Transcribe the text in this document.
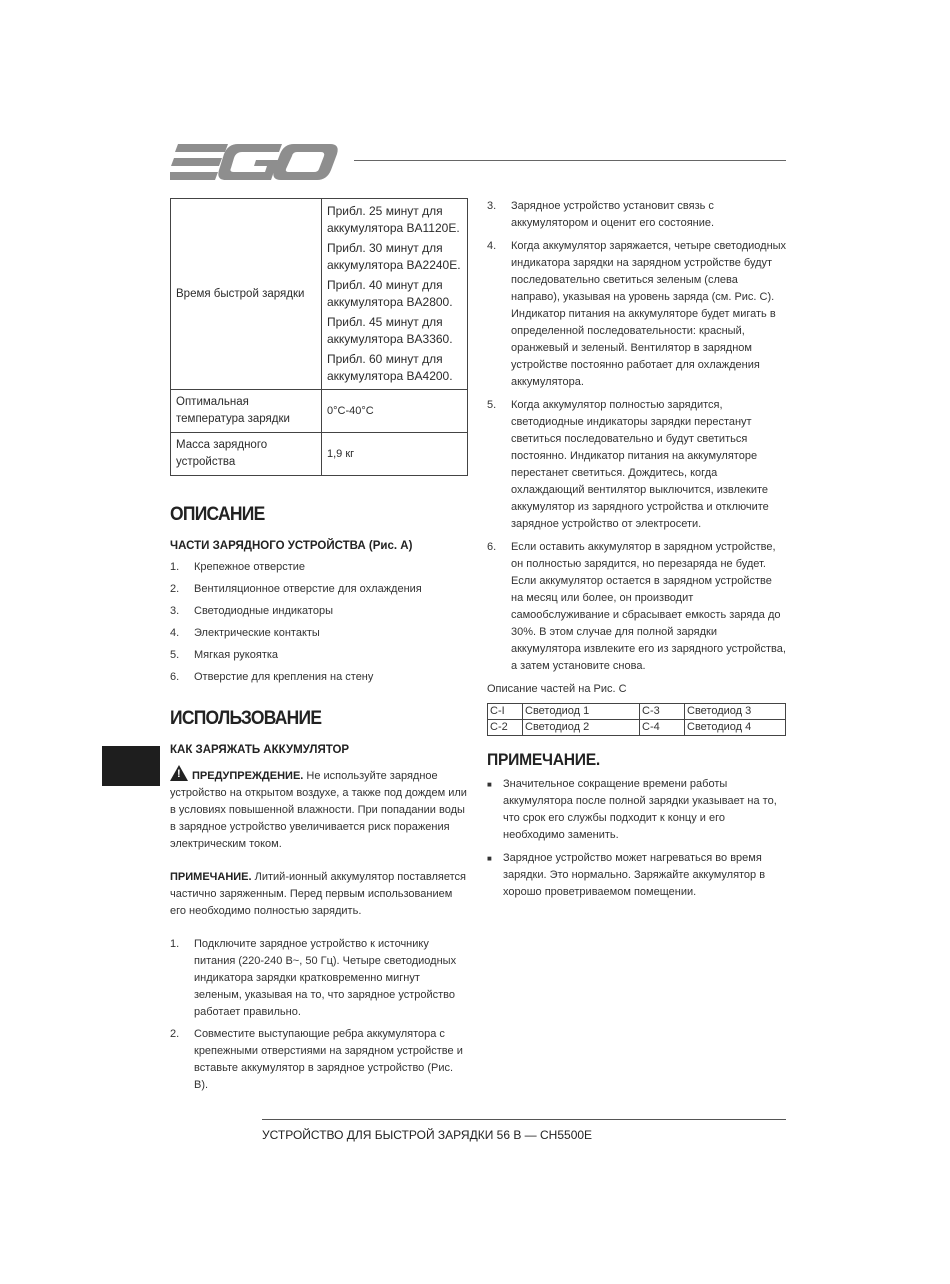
Время быстрой зарядки	Прибл. 25 минут для аккумулятора BA1120E.

Прибл. 30 минут для аккумулятора BA2240E.

Прибл. 40 минут для аккумулятора BA2800.

Прибл. 45 минут для аккумулятора BA3360.

Прибл. 60 минут для аккумулятора BA4200.

Оптимальная температура зарядки	0°C-40°C
Масса зарядного устройства	1,9 кг
ОПИСАНИЕ
ЧАСТИ ЗАРЯДНОГО УСТРОЙСТВА (Рис. А)
1.	Крепежное отверстие
2.	Вентиляционное отверстие для охлаждения
3.	Светодиодные индикаторы
4.	Электрические контакты
5.	Мягкая рукоятка
6.	Отверстие для крепления на стену
ИСПОЛЬЗОВАНИЕ
КАК ЗАРЯЖАТЬ АККУМУЛЯТОР

! ПРЕДУПРЕЖДЕНИЕ. Не используйте зарядное устройство на открытом воздухе, а также под дождем или в условиях повышенной влажности. При попадании воды в зарядное устройство увеличивается риск поражения электрическим током.

ПРИМЕЧАНИЕ. Литий-ионный аккумулятор поставляется частично заряженным. Перед первым использованием его необходимо полностью зарядить.

1.	Подключите зарядное устройство к источнику питания (220-240 В~, 50 Гц). Четыре светодиодных индикатора зарядки кратковременно мигнут зеленым, указывая на то, что зарядное устройство работает правильно.
2.	Совместите выступающие ребра аккумулятора с крепежными отверстиями на зарядном устройстве и вставьте аккумулятор в зарядное устройство (Рис. В).
3.	Зарядное устройство установит связь с аккумулятором и оценит его состояние.
4.	Когда аккумулятор заряжается, четыре светодиодных индикатора зарядки на зарядном устройстве будут последовательно светиться зеленым (слева направо), указывая на уровень заряда (см. Рис. С). Индикатор питания на аккумуляторе будет мигать в определенной последовательности: красный, оранжевый и зеленый. Вентилятор в зарядном устройстве постоянно работает для охлаждения аккумулятора.
5.	Когда аккумулятор полностью зарядится, светодиодные индикаторы зарядки перестанут светиться последовательно и будут светиться постоянно. Индикатор питания на аккумуляторе перестанет светиться. Дождитесь, когда охлаждающий вентилятор выключится, извлеките аккумулятор из зарядного устройства и отключите зарядное устройство от электросети.
6.	Если оставить аккумулятор в зарядном устройстве, он полностью зарядится, но перезаряда не будет. Если аккумулятор остается в зарядном устройстве на месяц или более, он производит самообслуживание и сбрасывает емкость заряда до 30%. В этом случае для полной зарядки аккумулятора извлеките его из зарядного устройства, а затем установите снова.

Описание частей на Рис. С

C-I	Светодиод 1	C-3	Светодиод 3
C-2	Светодиод 2	C-4	Светодиод 4
ПРИМЕЧАНИЕ.
■	Значительное сокращение времени работы аккумулятора после полной зарядки указывает на то, что срок его службы подходит к концу и его необходимо заменить.
■	Зарядное устройство может нагреваться во время зарядки. Это нормально. Заряжайте аккумулятор в хорошо проветриваемом помещении.
УСТРОЙСТВО ДЛЯ БЫСТРОЙ ЗАРЯДКИ 56 В — CH5500E
